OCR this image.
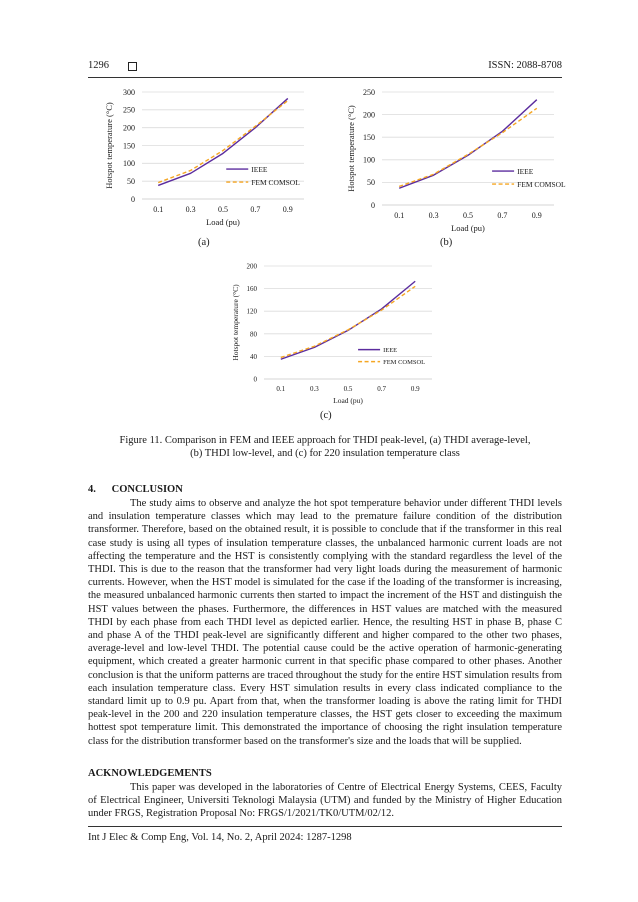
1296	ISSN: 2088-8708
0
50
100
150
200
250
300
0.1	0.3	0.5	0.7	0.9
Load (pu)
Hotspot temperature (°C)	IEEE
FEM COMSOL
0
50
100
150
200
250
0.1	0.3	0.5	0.7	0.9
Load (pu)
Hotspot temperature (°C)	IEEE
FEM COMSOL
0
40
80
120
160
200
0.1	0.3	0.5	0.7	0.9
Load (pu)
Hotspot temperature (°C)	IEEE
FEM COMSOL
(a)	(b)
(c)
Figure 11. Comparison in FEM and IEEE approach for THDI peak-level, (a) THDI average-level,
(b) THDI low-level, and (c) for 220 insulation temperature class
4.      CONCLUSION

The study aims to observe and analyze the hot spot temperature behavior under different THDI levels and insulation temperature classes which may lead to the premature failure condition of the distribution transformer. Therefore, based on the obtained result, it is possible to conclude that if the transformer in this real case study is using all types of insulation temperature classes, the unbalanced harmonic current loads are not affecting the temperature and the HST is consistently complying with the standard regardless the level of the THDI. This is due to the reason that the transformer had very light loads during the measurement of harmonic currents. However, when the HST model is simulated for the case if the loading of the transformer is increasing, the measured unbalanced harmonic currents then started to impact the increment of the HST and distinguish the HST values between the phases. Furthermore, the differences in HST values are matched with the measured THDI by each phase from each THDI level as depicted earlier. Hence, the resulting HST in phase B, phase C and phase A of the THDI peak-level are significantly different and higher compared to the other two phases, average-level and low-level THDI. The potential cause could be the active operation of harmonic-generating equipment, which created a greater harmonic current in that specific phase compared to other phases. Another conclusion is that the uniform patterns are traced throughout the study for the entire HST simulation results from each insulation temperature class. Every HST simulation results in every class indicated compliance to the standard limit up to 0.9 pu. Apart from that, when the transformer loading is above the rating limit for THDI peak-level in the 200 and 220 insulation temperature classes, the HST gets closer to exceeding the maximum hottest spot temperature limit. This demonstrated the importance of choosing the right insulation temperature class for the distribution transformer based on the transformer's size and the loads that will be supplied.

ACKNOWLEDGEMENTS

This paper was developed in the laboratories of Centre of Electrical Energy Systems, CEES, Faculty of Electrical Engineer, Universiti Teknologi Malaysia (UTM) and funded by the Ministry of Higher Education under FRGS, Registration Proposal No: FRGS/1/2021/TK0/UTM/02/12.

Int J Elec & Comp Eng, Vol. 14, No. 2, April 2024: 1287-1298
